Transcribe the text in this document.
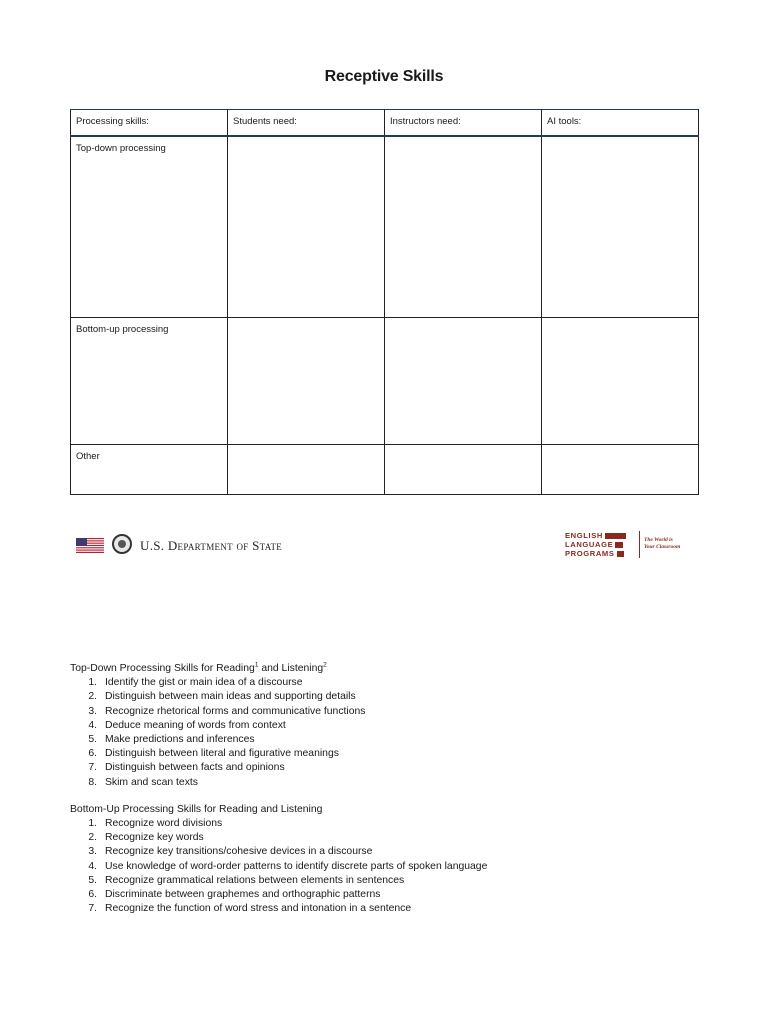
Receptive Skills
Processing skills:	Students need:	Instructors need:	AI tools:
Top-down processing			
Bottom-up processing			
Other			
U.S. Department of State
ENGLISH
LANGUAGE
PROGRAMS
The World is
Your Classroom

Top-Down Processing Skills for Reading$^1$ and Listening$^2$

1. Identify the gist or main idea of a discourse
2. Distinguish between main ideas and supporting details
3. Recognize rhetorical forms and communicative functions
4. Deduce meaning of words from context
5. Make predictions and inferences
6. Distinguish between literal and figurative meanings
7. Distinguish between facts and opinions
8. Skim and scan texts

Bottom-Up Processing Skills for Reading and Listening

1. Recognize word divisions
2. Recognize key words
3. Recognize key transitions/cohesive devices in a discourse
4. Use knowledge of word-order patterns to identify discrete parts of spoken language
5. Recognize grammatical relations between elements in sentences
6. Discriminate between graphemes and orthographic patterns
7. Recognize the function of word stress and intonation in a sentence
